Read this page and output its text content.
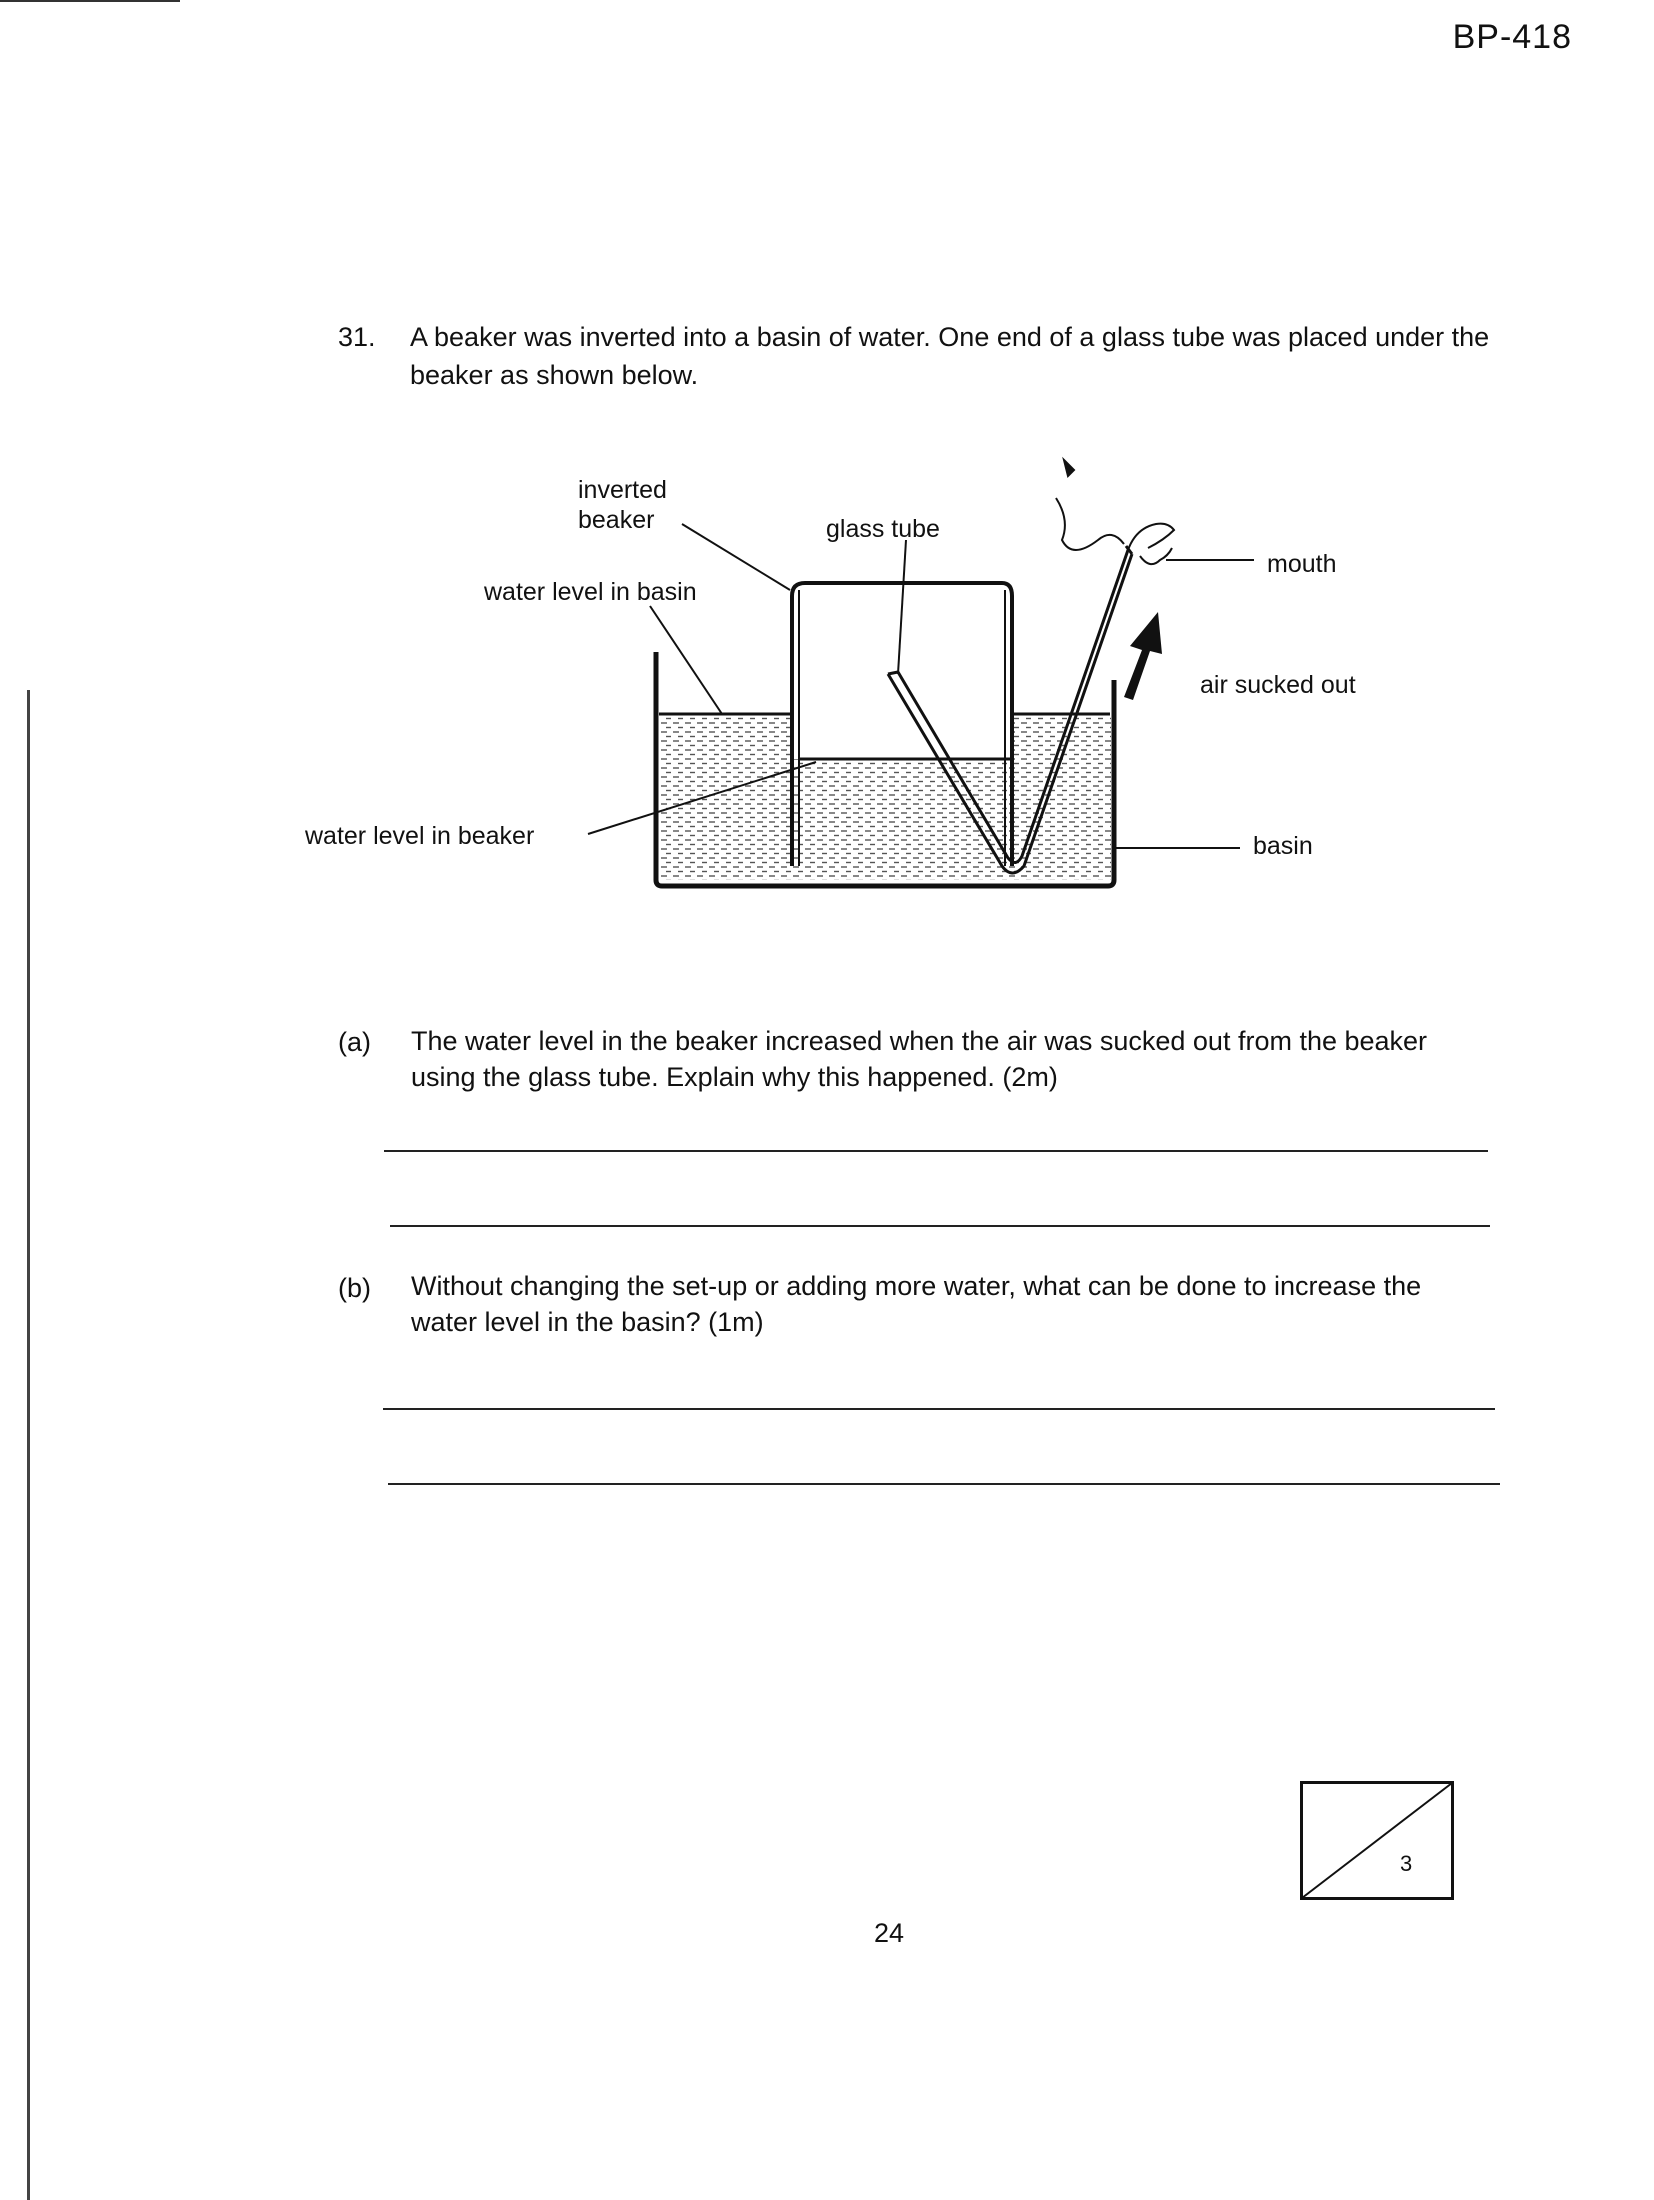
BP-418
31. A beaker was inverted into a basin of water. One end of a glass tube was placed under the beaker as shown below.
inverted beaker	glass tube
water level in basin
water level in beaker
mouth
air sucked out
basin
(a) The water level in the beaker increased when the air was sucked out from the beaker using the glass tube. Explain why this happened. (2m)
(b) Without changing the set-up or adding more water, what can be done to increase the water level in the basin? (1m)
3
24
